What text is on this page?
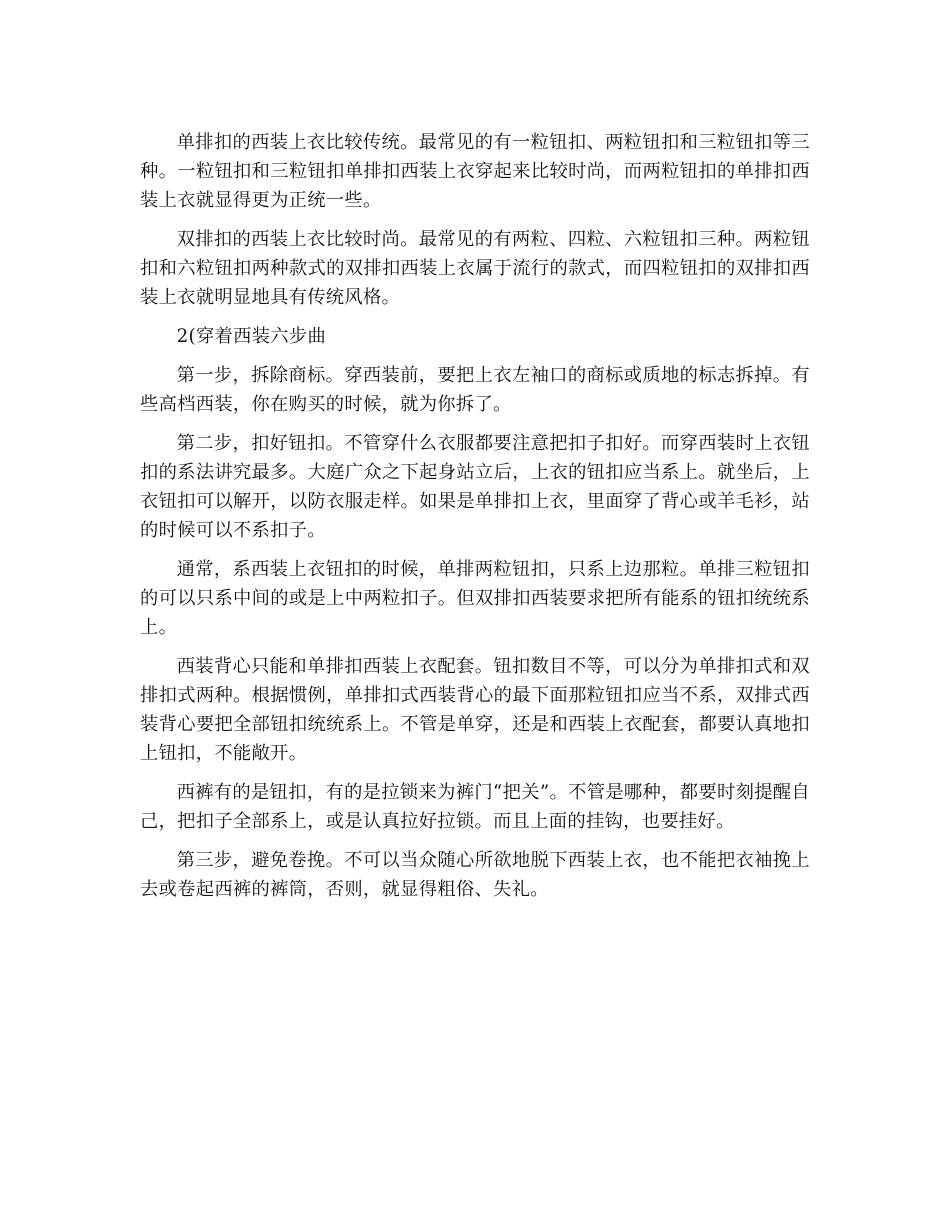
单排扣的西装上衣比较传统。最常见的有一粒钮扣、两粒钮扣和三粒钮扣等三种。一粒钮扣和三粒钮扣单排扣西装上衣穿起来比较时尚，而两粒钮扣的单排扣西装上衣就显得更为正统一些。

双排扣的西装上衣比较时尚。最常见的有两粒、四粒、六粒钮扣三种。两粒钮扣和六粒钮扣两种款式的双排扣西装上衣属于流行的款式，而四粒钮扣的双排扣西装上衣就明显地具有传统风格。

2(穿着西装六步曲

第一步，拆除商标。穿西装前，要把上衣左袖口的商标或质地的标志拆掉。有些高档西装，你在购买的时候，就为你拆了。

第二步，扣好钮扣。不管穿什么衣服都要注意把扣子扣好。而穿西装时上衣钮扣的系法讲究最多。大庭广众之下起身站立后，上衣的钮扣应当系上。就坐后，上衣钮扣可以解开，以防衣服走样。如果是单排扣上衣，里面穿了背心或羊毛衫，站的时候可以不系扣子。

通常，系西装上衣钮扣的时候，单排两粒钮扣，只系上边那粒。单排三粒钮扣的可以只系中间的或是上中两粒扣子。但双排扣西装要求把所有能系的钮扣统统系上。

西装背心只能和单排扣西装上衣配套。钮扣数目不等，可以分为单排扣式和双排扣式两种。根据惯例，单排扣式西装背心的最下面那粒钮扣应当不系，双排式西装背心要把全部钮扣统统系上。不管是单穿，还是和西装上衣配套，都要认真地扣上钮扣，不能敞开。

西裤有的是钮扣，有的是拉锁来为裤门“把关”。不管是哪种，都要时刻提醒自己，把扣子全部系上，或是认真拉好拉锁。而且上面的挂钩，也要挂好。

第三步，避免卷挽。不可以当众随心所欲地脱下西装上衣，也不能把衣袖挽上去或卷起西裤的裤筒，否则，就显得粗俗、失礼。
